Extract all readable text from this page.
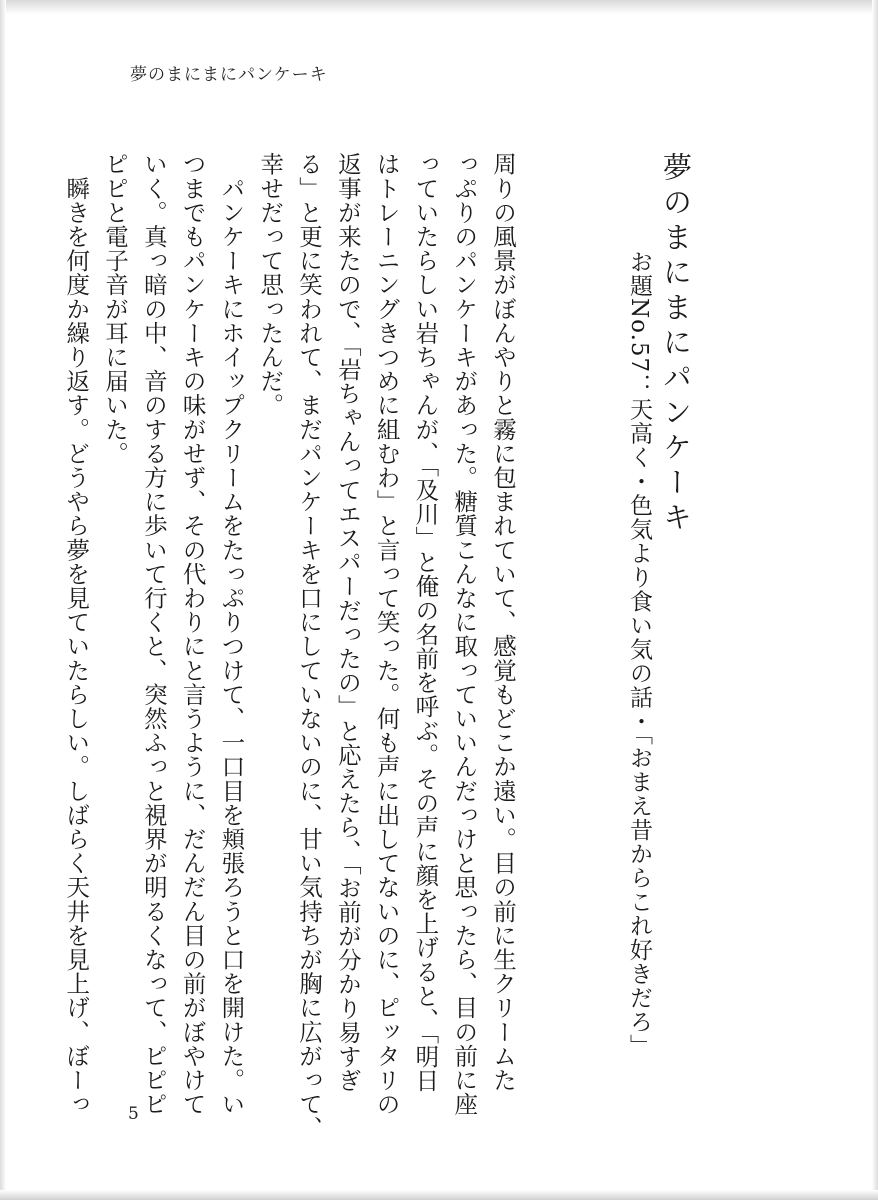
夢のまにまにパンケーキ
夢のまにまにパンケーキ
お題No.57：天高く・色気より食い気の話・「おまえ昔からこれ好きだろ」
周りの風景がぼんやりと霧に包まれていて、感覚もどこか遠い。目の前に生クリームた
っぷりのパンケーキがあった。糖質こんなに取っていいんだっけと思ったら、目の前に座
っていたらしい岩ちゃんが、「及川」と俺の名前を呼ぶ。その声に顔を上げると、「明日
はトレーニングきつめに組むわ」と言って笑った。何も声に出してないのに、ピッタリの
返事が来たので、「岩ちゃんってエスパーだったの」と応えたら、「お前が分かり易すぎ
る」と更に笑われて、まだパンケーキを口にしていないのに、甘い気持ちが胸に広がって、
幸せだって思ったんだ。
　パンケーキにホイップクリームをたっぷりつけて、一口目を頬張ろうと口を開けた。い
つまでもパンケーキの味がせず、その代わりにと言うように、だんだん目の前がぼやけて
いく。真っ暗の中、音のする方に歩いて行くと、突然ふっと視界が明るくなって、ピピピ
ピピと電子音が耳に届いた。
　瞬きを何度か繰り返す。どうやら夢を見ていたらしい。しばらく天井を見上げ、ぼーっ 5
